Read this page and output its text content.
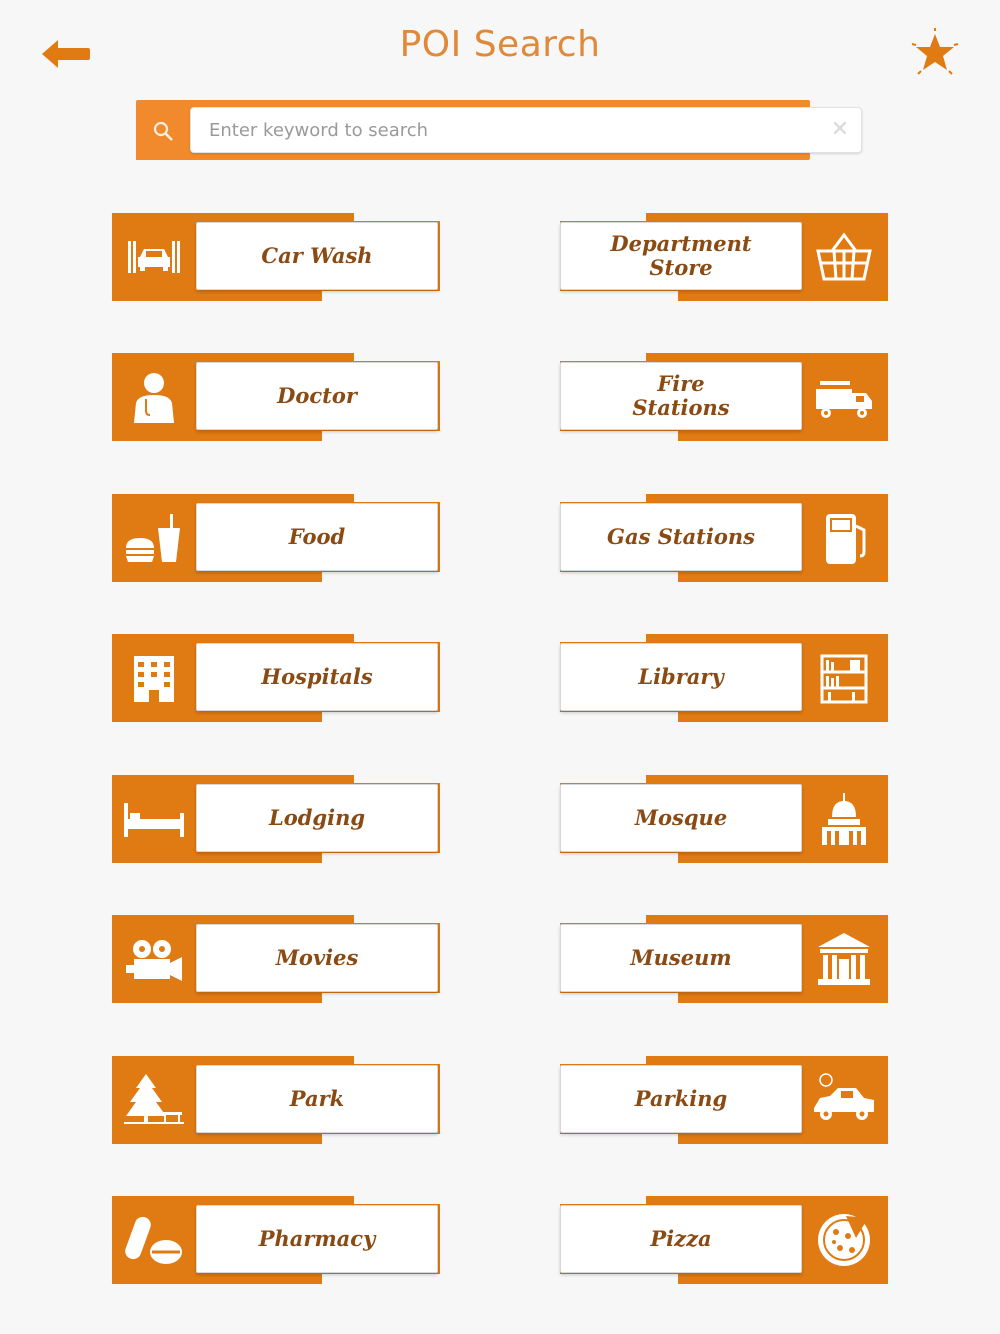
POI Search
Enter keyword to search
✕
Car Wash	Department Store
Doctor	Fire Stations
Food	Gas Stations
Hospitals	Library
Lodging	Mosque
Movies	Museum
Park	Parking
Pharmacy	Pizza
